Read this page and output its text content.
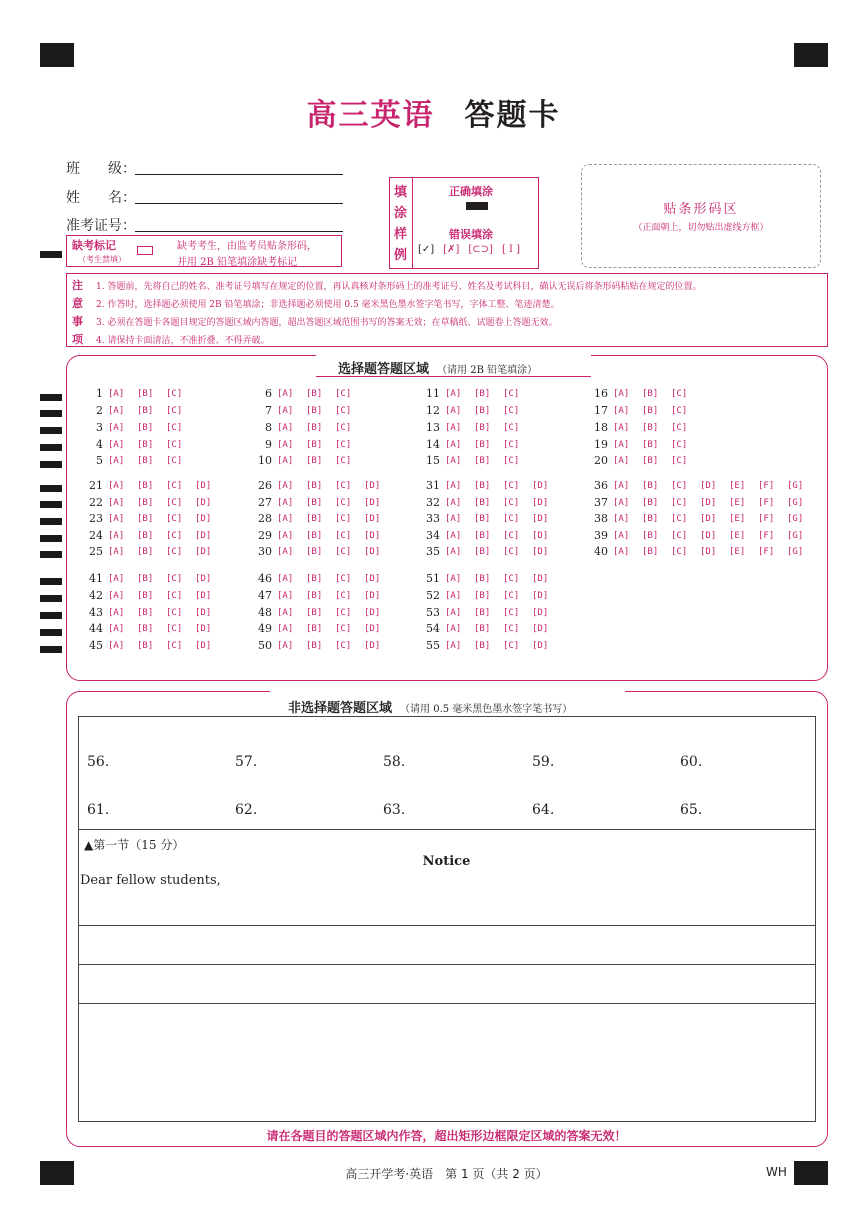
高三英语 答题卡
班　　级：
姓　　名：
准考证号：
缺考标记
（考生禁填）
缺考考生，由监考员贴条形码，
并用 2B 铅笔填涂缺考标记
填
涂
样
例
正确填涂
错误填涂
[✓] [✗] [⊂⊃] [ I ]
贴条形码区
（正面朝上，切勿贴出虚线方框）
注
意
事
项
1. 答题前，先将自己的姓名、准考证号填写在规定的位置，再认真核对条形码上的准考证号、姓名及考试科目，确认无误后将条形码粘贴在规定的位置。
2. 作答时，选择题必须使用 2B 铅笔填涂；非选择题必须使用 0.5 毫米黑色墨水签字笔书写，字体工整、笔迹清楚。
3. 必须在答题卡各题目规定的答题区域内答题，超出答题区域范围书写的答案无效；在草稿纸、试题卷上答题无效。
4. 请保持卡面清洁，不准折叠、不得弄破。
选择题答题区域　 （请用 2B 铅笔填涂）
1 [A]	[B]	[C]
2 [A]	[B]	[C]
3 [A]	[B]	[C]
4 [A]	[B]	[C]
5 [A]	[B]	[C]
6 [A]	[B]	[C]
7 [A]	[B]	[C]
8 [A]	[B]	[C]
9 [A]	[B]	[C]
10 [A]	[B]	[C]
11 [A]	[B]	[C]
12 [A]	[B]	[C]
13 [A]	[B]	[C]
14 [A]	[B]	[C]
15 [A]	[B]	[C]
16 [A]	[B]	[C]
17 [A]	[B]	[C]
18 [A]	[B]	[C]
19 [A]	[B]	[C]
20 [A]	[B]	[C]
21 [A]	[B]	[C]	[D]
22 [A]	[B]	[C]	[D]
23 [A]	[B]	[C]	[D]
24 [A]	[B]	[C]	[D]
25 [A]	[B]	[C]	[D]
26 [A]	[B]	[C]	[D]
27 [A]	[B]	[C]	[D]
28 [A]	[B]	[C]	[D]
29 [A]	[B]	[C]	[D]
30 [A]	[B]	[C]	[D]
31 [A]	[B]	[C]	[D]
32 [A]	[B]	[C]	[D]
33 [A]	[B]	[C]	[D]
34 [A]	[B]	[C]	[D]
35 [A]	[B]	[C]	[D]
36 [A]	[B]	[C]	[D]	[E]	[F]	[G]
37 [A]	[B]	[C]	[D]	[E]	[F]	[G]
38 [A]	[B]	[C]	[D]	[E]	[F]	[G]
39 [A]	[B]	[C]	[D]	[E]	[F]	[G]
40 [A]	[B]	[C]	[D]	[E]	[F]	[G]
41 [A]	[B]	[C]	[D]
42 [A]	[B]	[C]	[D]
43 [A]	[B]	[C]	[D]
44 [A]	[B]	[C]	[D]
45 [A]	[B]	[C]	[D]
46 [A]	[B]	[C]	[D]
47 [A]	[B]	[C]	[D]
48 [A]	[B]	[C]	[D]
49 [A]	[B]	[C]	[D]
50 [A]	[B]	[C]	[D]
51 [A]	[B]	[C]	[D]
52 [A]	[B]	[C]	[D]
53 [A]	[B]	[C]	[D]
54 [A]	[B]	[C]	[D]
55 [A]	[B]	[C]	[D]
非选择题答题区域　 （请用 0.5 毫米黑色墨水签字笔书写）
56.	57.	58.	59.	60.
61.	62.	63.	64.	65.
▲第一节（15 分）
Notice
Dear fellow students,
请在各题目的答题区域内作答，超出矩形边框限定区域的答案无效！
高三开学考·英语　第 1 页（共 2 页）	WH
